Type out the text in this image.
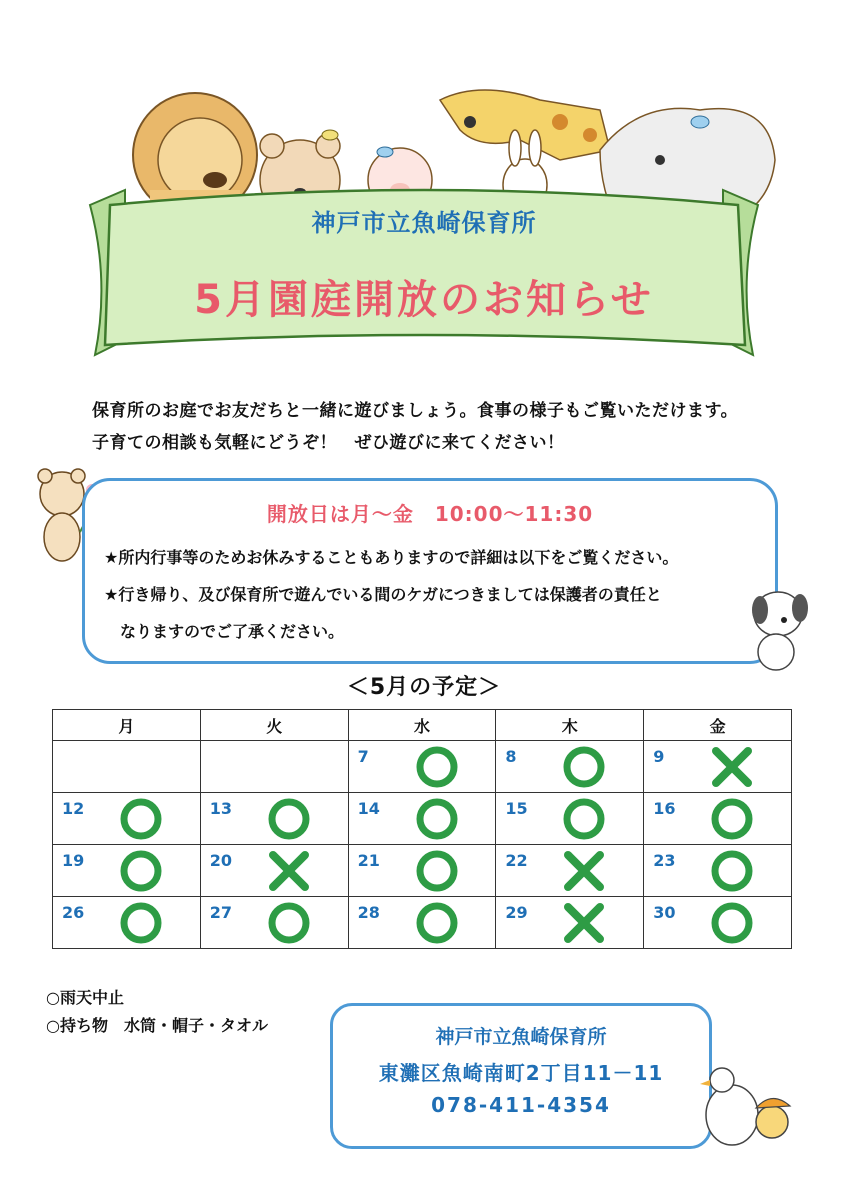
神戸市立魚崎保育所
5月園庭開放のお知らせ
保育所のお庭でお友だちと一緒に遊びましょう。食事の様子もご覧いただけます。
子育ての相談も気軽にどうぞ！　ぜひ遊びに来てください！
開放日は月～金　10:00～11:30
★所内行事等のためお休みすることもありますので詳細は以下をご覧ください。
★行き帰り、及び保育所で遊んでいる間のケガにつきましては保護者の責任と
なりますのでご了承ください。
＜5月の予定＞
月	火	水	木	金

		7	8	9

12	13	14	15	16

19	20	21	22	23

26	27	28	29	30
○雨天中止
○持ち物　水筒・帽子・タオル
神戸市立魚崎保育所
東灘区魚崎南町2丁目11－11
078-411-4354
